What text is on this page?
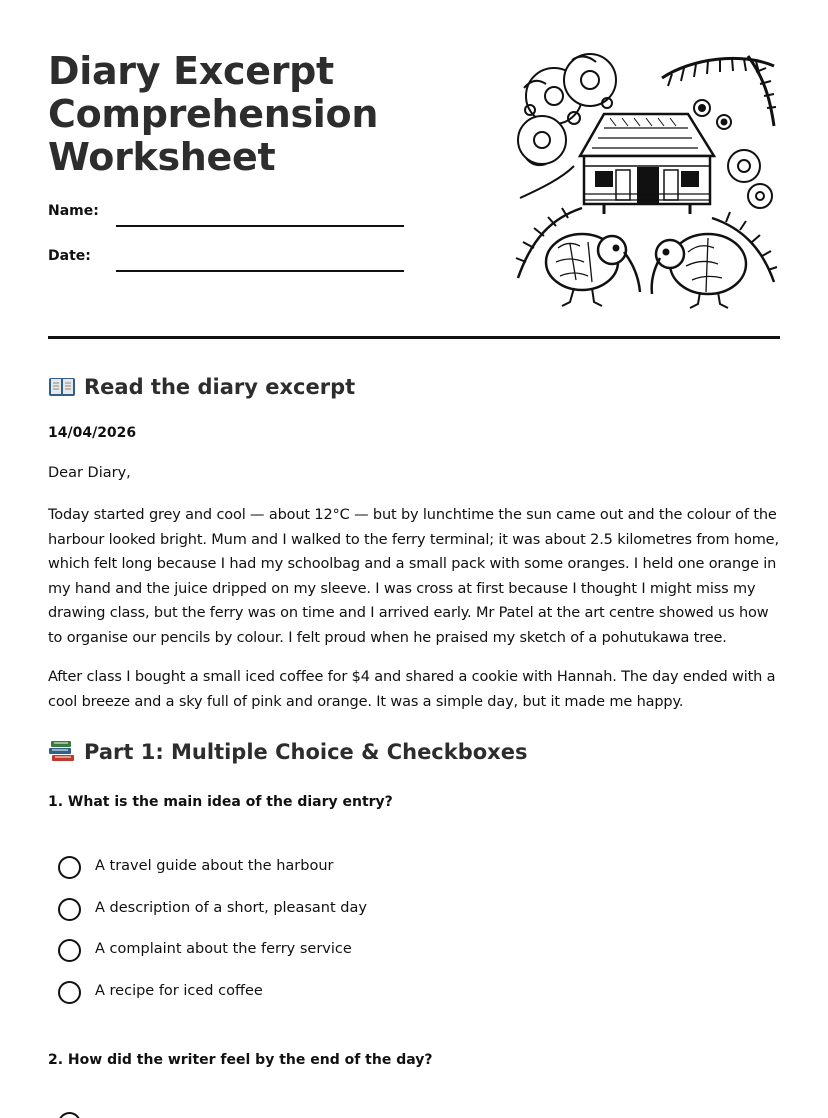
Diary Excerpt
Comprehension
Worksheet
Name:
Date:
Read the diary excerpt
14/04/2026
Dear Diary,

Today started grey and cool — about 12°C — but by lunchtime the sun came out and the colour of the harbour looked bright. Mum and I walked to the ferry terminal; it was about 2.5 kilometres from home, which felt long because I had my schoolbag and a small pack with some oranges. I held one orange in my hand and the juice dripped on my sleeve. I was cross at first because I thought I might miss my drawing class, but the ferry was on time and I arrived early. Mr Patel at the art centre showed us how to organise our pencils by colour. I felt proud when he praised my sketch of a pohutukawa tree.

After class I bought a small iced coffee for $4 and shared a cookie with Hannah. The day ended with a cool breeze and a sky full of pink and orange. It was a simple day, but it made me happy.

Part 1: Multiple Choice & Checkboxes
1. What is the main idea of the diary entry?
A travel guide about the harbour
A description of a short, pleasant day
A complaint about the ferry service
A recipe for iced coffee
2. How did the writer feel by the end of the day?
